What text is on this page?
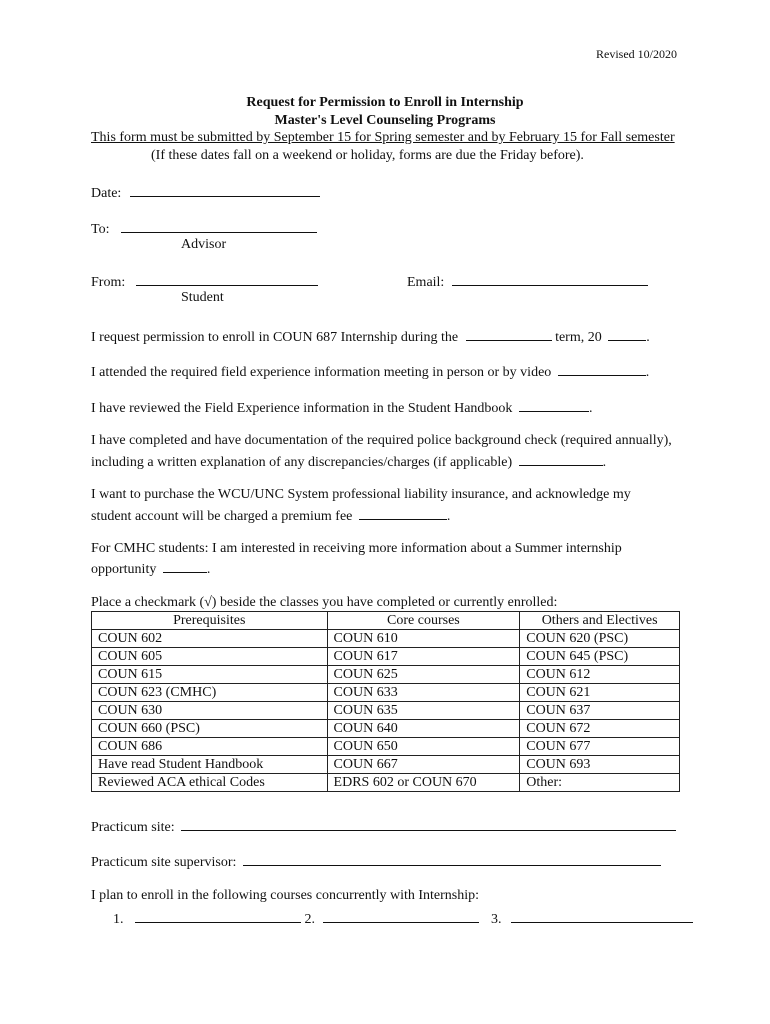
Revised 10/2020
Request for Permission to Enroll in Internship
Master's Level Counseling Programs
This form must be submitted by September 15 for Spring semester and by February 15 for Fall semester
(If these dates fall on a weekend or holiday, forms are due the Friday before).
Date:
To:
Advisor
From:	Email:
Student
I request permission to enroll in COUN 687 Internship during the	term, 20	.
I attended the required field experience information meeting in person or by video	.
I have reviewed the Field Experience information in the Student Handbook	.
I have completed and have documentation of the required police background check (required annually),
including a written explanation of any discrepancies/charges (if applicable)	.
I want to purchase the WCU/UNC System professional liability insurance, and acknowledge my
student account will be charged a premium fee	.
For CMHC students: I am interested in receiving more information about a Summer internship
opportunity	.
Place a checkmark (√) beside the classes you have completed or currently enrolled:
Prerequisites	Core courses	Others and Electives
COUN 602	COUN 610	COUN 620 (PSC)
COUN 605	COUN 617	COUN 645 (PSC)
COUN 615	COUN 625	COUN 612
COUN 623 (CMHC)	COUN 633	COUN 621
COUN 630	COUN 635	COUN 637
COUN 660 (PSC)	COUN 640	COUN 672
COUN 686	COUN 650	COUN 677
Have read Student Handbook	COUN 667	COUN 693
Reviewed ACA ethical Codes	EDRS 602 or COUN 670	Other:
Practicum site:
Practicum site supervisor:
I plan to enroll in the following courses concurrently with Internship:
1.	2.	3.
